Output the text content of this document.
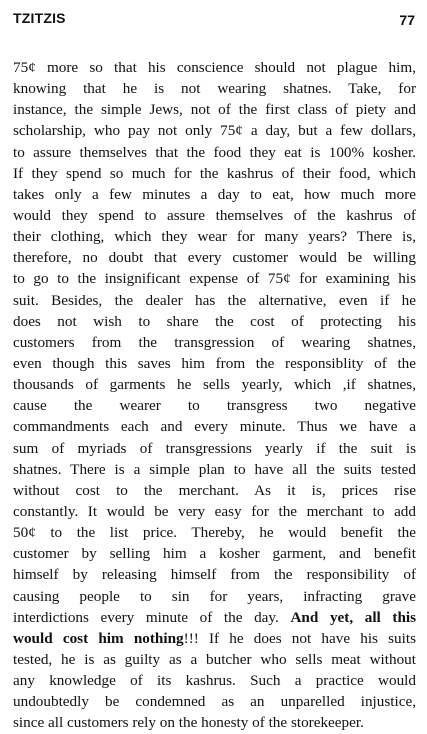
TZITZIS	77
75¢ more so that his conscience should not plague him,
knowing that he is not wearing shatnes. Take, for
instance, the simple Jews, not of the first class of piety and
scholarship, who pay not only 75¢ a day, but a few dollars,
to assure themselves that the food they eat is 100% kosher.
If they spend so much for the kashrus of their food, which
takes only a few minutes a day to eat, how much more
would they spend to assure themselves of the kashrus of
their clothing, which they wear for many years? There is,
therefore, no doubt that every customer would be willing
to go to the insignificant expense of 75¢ for examining his
suit. Besides, the dealer has the alternative, even if he
does not wish to share the cost of protecting his
customers from the transgression of wearing shatnes,
even though this saves him from the responsiblity of the
thousands of garments he sells yearly, which ,if shatnes,
cause the wearer to transgress two negative
commandments each and every minute. Thus we have a
sum of myriads of transgressions yearly if the suit is
shatnes. There is a simple plan to have all the suits tested
without cost to the merchant. As it is, prices rise
constantly. It would be very easy for the merchant to add
50¢ to the list price. Thereby, he would benefit the
customer by selling him a kosher garment, and benefit
himself by releasing himself from the responsibility of
causing people to sin for years, infracting grave
interdictions every minute of the day. And yet, all this
would cost him nothing!!! If he does not have his suits
tested, he is as guilty as a butcher who sells meat without
any knowledge of its kashrus. Such a practice would
undoubtedly be condemned as an unparelled injustice,
since all customers rely on the honesty of the storekeeper.
